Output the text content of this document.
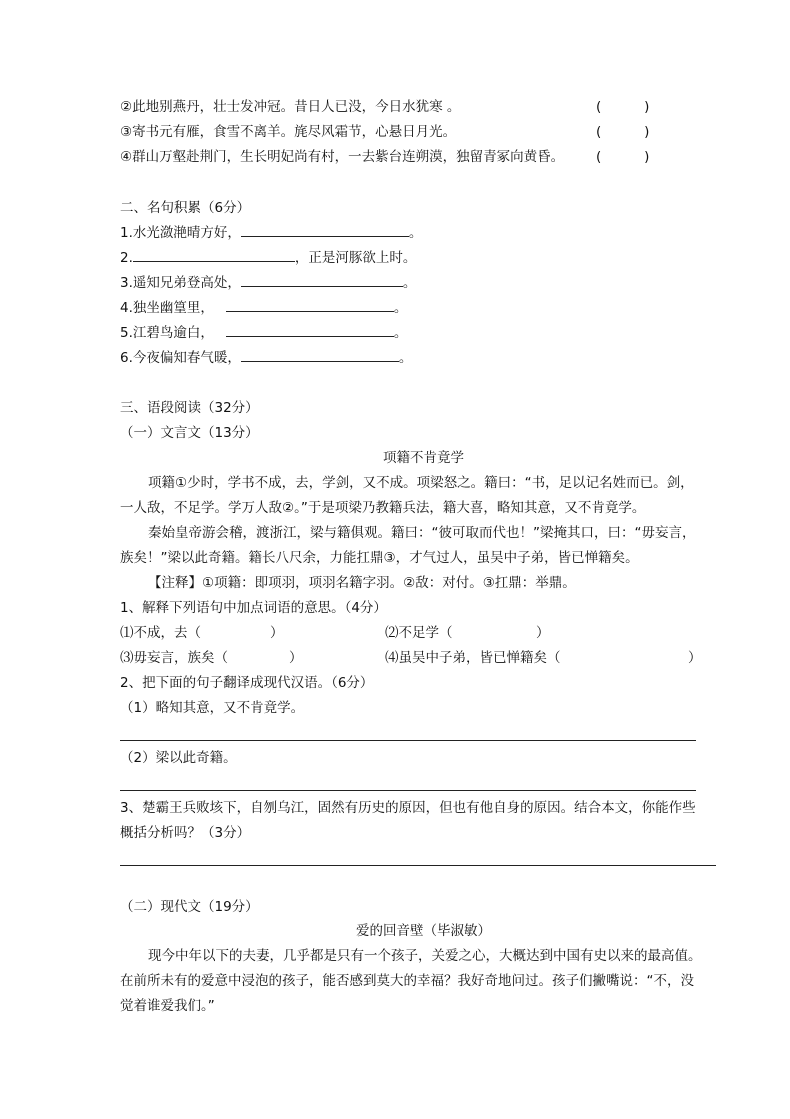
②此地别燕丹，壮士发冲冠。昔日人已没，今日水犹寒 。	(          )
③寄书元有雁，食雪不离羊。旄尽风霜节，心悬日月光。	(          )
④群山万壑赴荆门，生长明妃尚有村，一去紫台连朔漠，独留青冢向黄昏。 (          )
二、名句积累（6分）
1.水光潋滟晴方好，	。
2.	，正是河豚欲上时。
3.遥知兄弟登高处，	。
4.独坐幽篁里，	。
5.江碧鸟逾白，	。
6.今夜偏知春气暖，	。
三、语段阅读（32分）
（一）文言文（13分）
项籍不肯竟学
项籍①少时，学书不成，去，学剑，又不成。项梁怒之。籍曰：“书，足以记名姓而已。剑，
一人敌，不足学。学万人敌②。”于是项梁乃教籍兵法，籍大喜，略知其意，又不肯竟学。
秦始皇帝游会稽，渡浙江，梁与籍俱观。籍曰：“彼可取而代也！”梁掩其口，曰：“毋妄言，
族矣！”梁以此奇籍。籍长八尺余，力能扛鼎③，才气过人，虽吴中子弟，皆已惮籍矣。
【注释】①项籍：即项羽，项羽名籍字羽。②敌：对付。③扛鼎：举鼎。
1、解释下列语句中加点词语的意思。（4分）
⑴不成，去（	）	⑵不足学（	）
⑶毋妄言，族矣（	）	⑷虽吴中子弟，皆已惮籍矣（	）
2、把下面的句子翻译成现代汉语。（6分）
（1）略知其意，又不肯竟学。
（2）梁以此奇籍。
3、楚霸王兵败垓下，自刎乌江，固然有历史的原因，但也有他自身的原因。结合本文，你能作些
概括分析吗？（3分）
（二）现代文（19分）
爱的回音壁（毕淑敏）
现今中年以下的夫妻，几乎都是只有一个孩子，关爱之心，大概达到中国有史以来的最高值。
在前所未有的爱意中浸泡的孩子，能否感到莫大的幸福？我好奇地问过。孩子们撇嘴说：“不，没
觉着谁爱我们。”
